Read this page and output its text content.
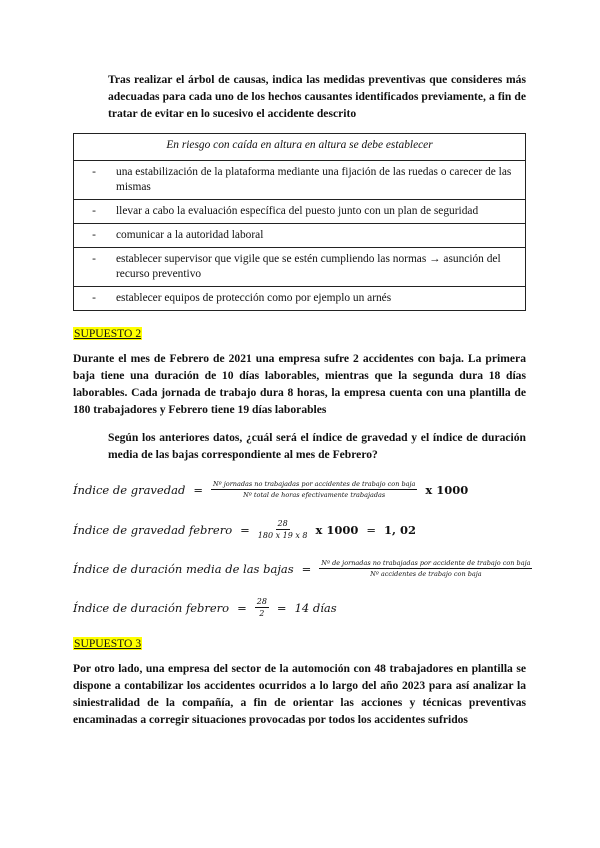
Tras realizar el árbol de causas, indica las medidas preventivas que consideres más adecuadas para cada uno de los hechos causantes identificados previamente, a fin de tratar de evitar en lo sucesivo el accidente descrito
En riesgo con caída en altura en altura se debe establecer
- una estabilización de la plataforma mediante una fijación de las ruedas o carecer de las mismas
- llevar a cabo la evaluación específica del puesto junto con un plan de seguridad
- comunicar a la autoridad laboral
- establecer supervisor que vigile que se estén cumpliendo las normas → asunción del recurso preventivo
- establecer equipos de protección como por ejemplo un arnés
SUPUESTO 2
Durante el mes de Febrero de 2021 una empresa sufre 2 accidentes con baja. La primera baja tiene una duración de 10 días laborables, mientras que la segunda dura 18 días laborables. Cada jornada de trabajo dura 8 horas, la empresa cuenta con una plantilla de 180 trabajadores y Febrero tiene 19 días laborables
Según los anteriores datos, ¿cuál será el índice de gravedad y el índice de duración media de las bajas correspondiente al mes de Febrero?
Índice de gravedad = $\frac{\text{Nº jornadas no trabajadas por accidentes de trabajo con baja}}{\text{Nº total de horas efectivamente trabajadas}}$ x 1000
Índice de gravedad febrero = $\frac{28}{180 x 19 x 8}$ x 1000 = 1, 02
Índice de duración media de las bajas =	Nº de jornadas no trabajadas por accidente de trabajo con baja
Nº accidentes de trabajo con baja
Índice de duración febrero = $\frac{28}{2} = 14$ días
SUPUESTO 3
Por otro lado, una empresa del sector de la automoción con 48 trabajadores en plantilla se dispone a contabilizar los accidentes ocurridos a lo largo del año 2023 para así analizar la siniestralidad de la compañía, a fin de orientar las acciones y técnicas preventivas encaminadas a corregir situaciones provocadas por todos los accidentes sufridos
